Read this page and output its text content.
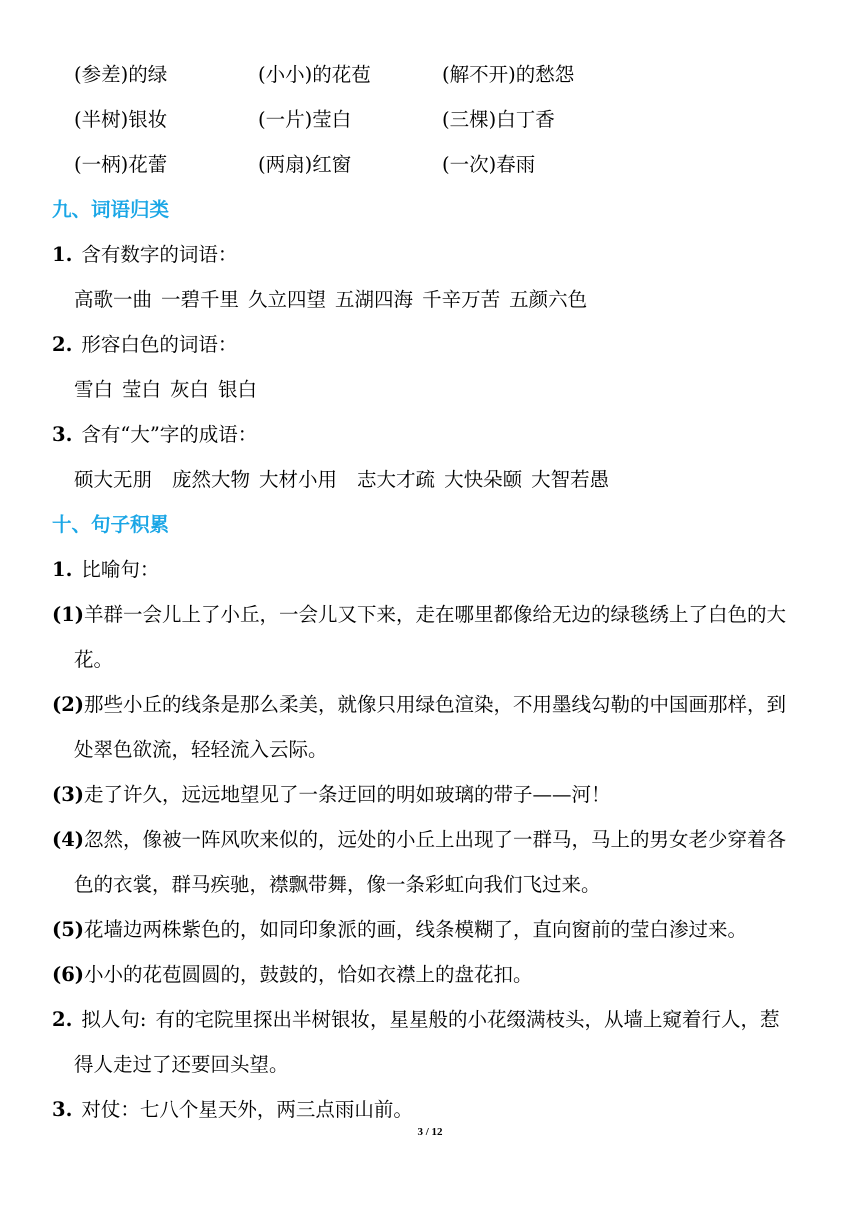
(参差)的绿	(小小)的花苞	(解不开)的愁怨
(半树)银妆	(一片)莹白	(三棵)白丁香
(一柄)花蕾	(两扇)红窗	(一次)春雨
九、词语归类
1. 含有数字的词语：
高歌一曲 一碧千里 久立四望 五湖四海 千辛万苦 五颜六色
2. 形容白色的词语：
雪白 莹白 灰白 银白
3. 含有“大”字的成语：
硕大无朋 庞然大物 大材小用 志大才疏 大快朵颐 大智若愚
十、句子积累
1. 比喻句：
(1)羊群一会儿上了小丘，一会儿又下来，走在哪里都像给无边的绿毯绣上了白色的大
花。
(2)那些小丘的线条是那么柔美，就像只用绿色渲染，不用墨线勾勒的中国画那样，到
处翠色欲流，轻轻流入云际。
(3)走了许久，远远地望见了一条迂回的明如玻璃的带子——河！
(4)忽然，像被一阵风吹来似的，远处的小丘上出现了一群马，马上的男女老少穿着各
色的衣裳，群马疾驰，襟飘带舞，像一条彩虹向我们飞过来。
(5)花墙边两株紫色的，如同印象派的画，线条模糊了，直向窗前的莹白渗过来。
(6)小小的花苞圆圆的，鼓鼓的，恰如衣襟上的盘花扣。
2. 拟人句: 有的宅院里探出半树银妆，星星般的小花缀满枝头，从墙上窥着行人，惹
得人走过了还要回头望。
3. 对仗：七八个星天外，两三点雨山前。
3 / 12
